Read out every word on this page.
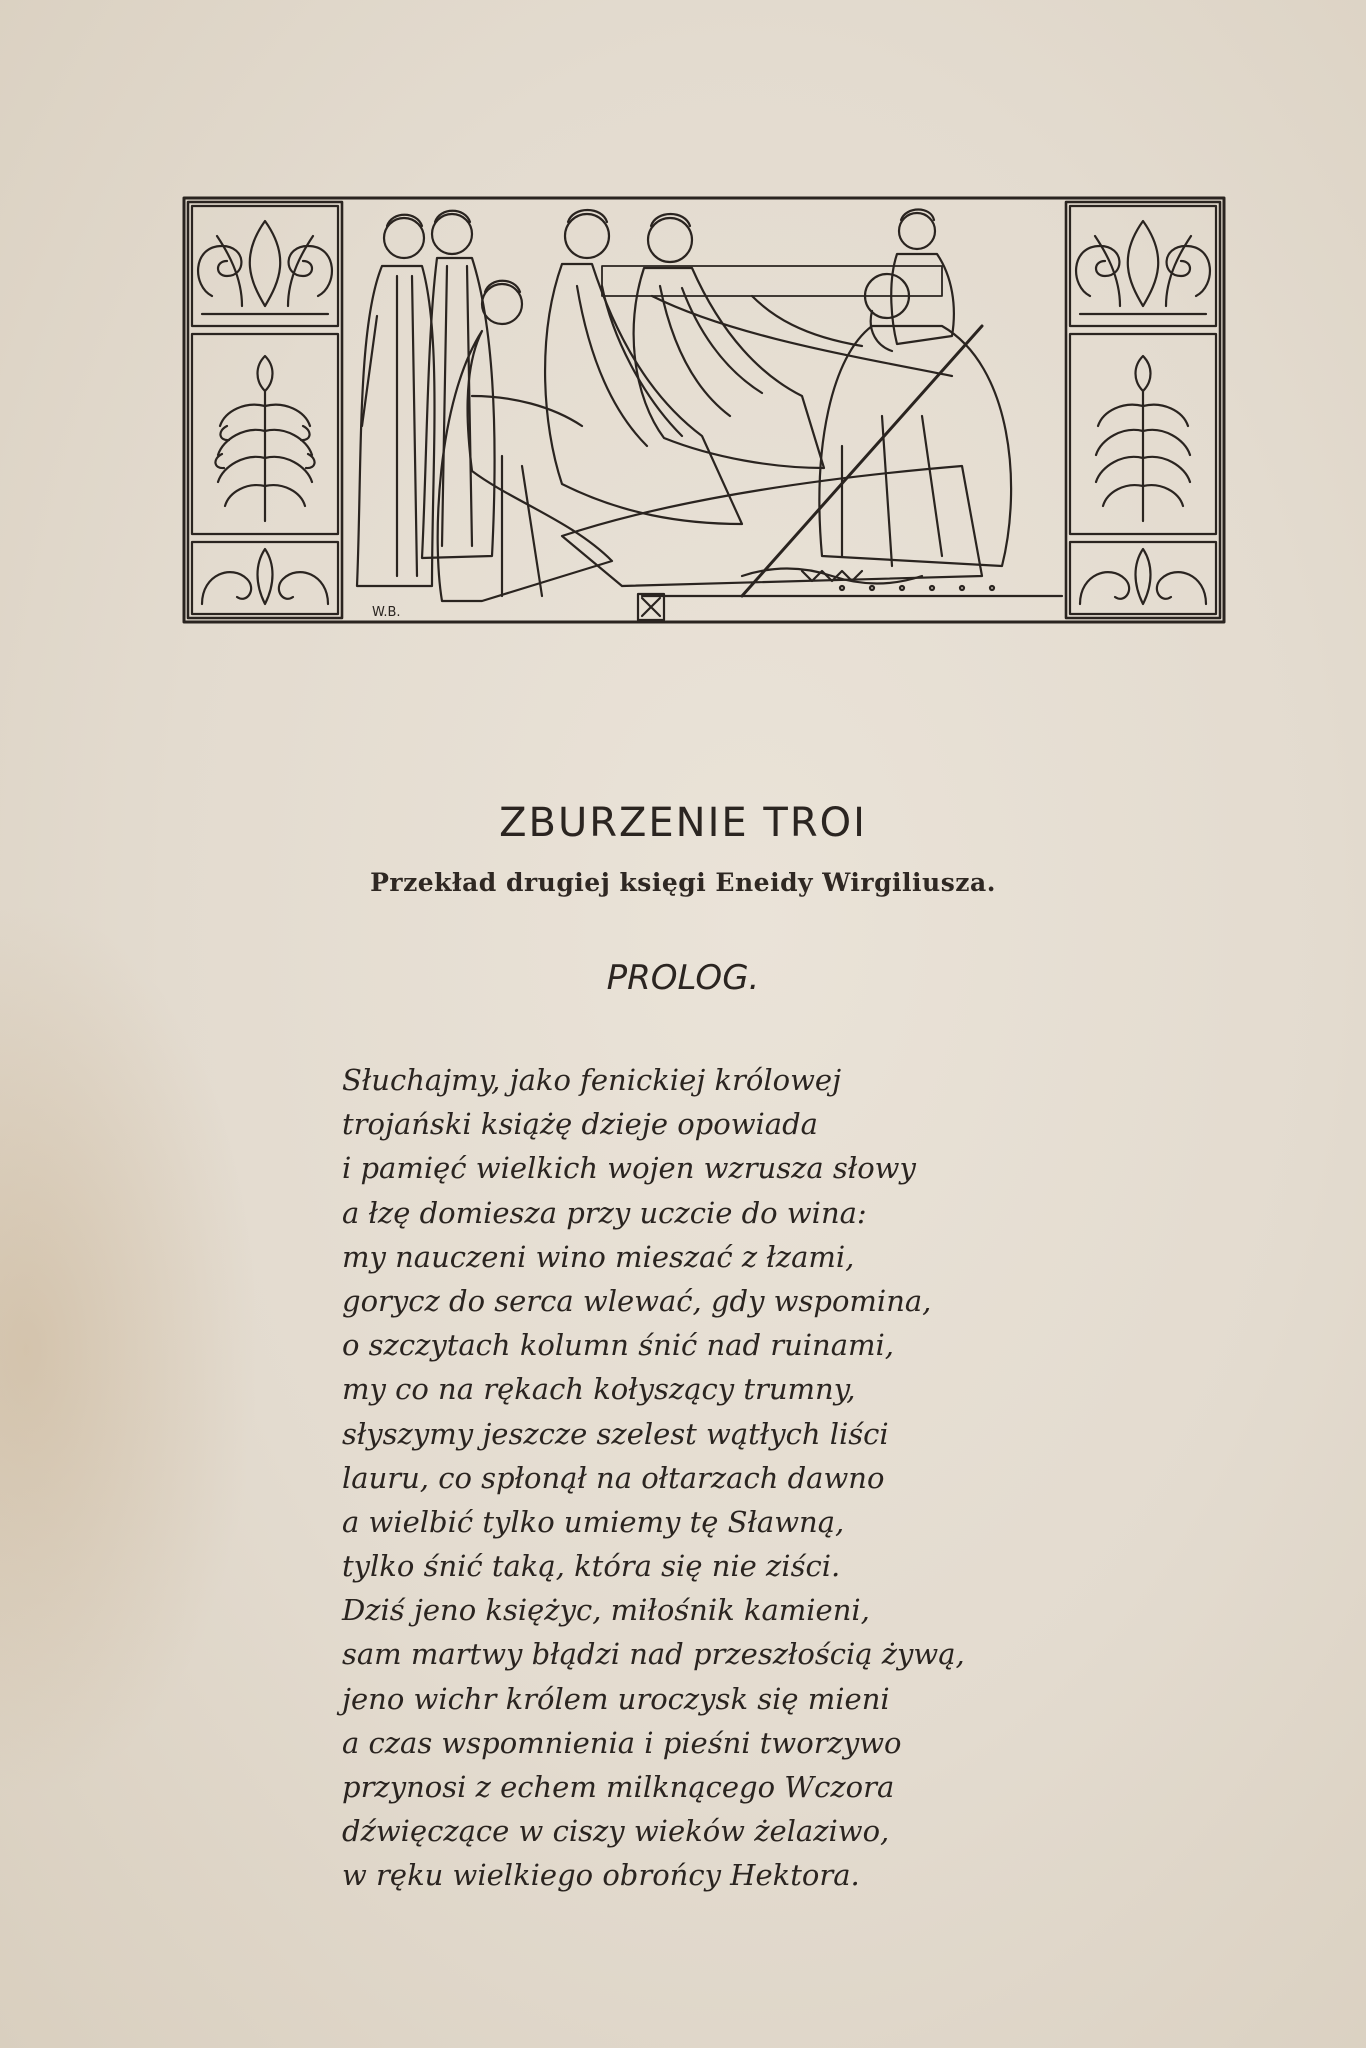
W.B.
ZBURZENIE TROI
Przekład drugiej księgi Eneidy Wirgiliusza.
PROLOG.
Słuchajmy, jako fenickiej królowej
trojański książę dzieje opowiada
i pamięć wielkich wojen wzrusza słowy
a łzę domiesza przy uczcie do wina:
my nauczeni wino mieszać z łzami,
gorycz do serca wlewać, gdy wspomina,
o szczytach kolumn śnić nad ruinami,
my co na rękach kołyszący trumny,
słyszymy jeszcze szelest wątłych liści
lauru, co spłonął na ołtarzach dawno
a wielbić tylko umiemy tę Sławną,
tylko śnić taką, która się nie ziści.
Dziś jeno księżyc, miłośnik kamieni,
sam martwy błądzi nad przeszłością żywą,
jeno wichr królem uroczysk się mieni
a czas wspomnienia i pieśni tworzywo
przynosi z echem milknącego Wczora
dźwięczące w ciszy wieków żelaziwo,
w ręku wielkiego obrońcy Hektora.
